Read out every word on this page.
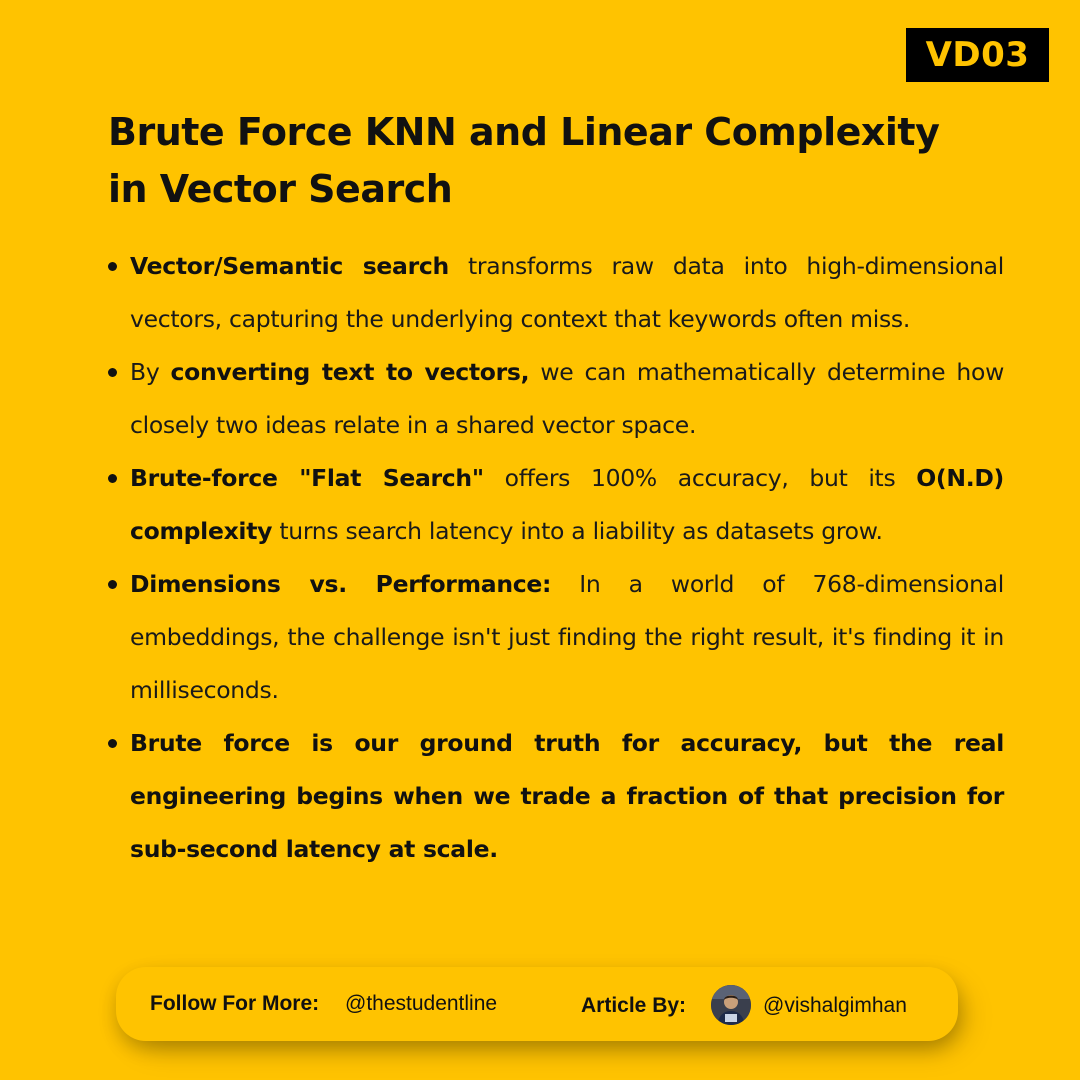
VD03
Brute Force KNN and Linear Complexity
in Vector Search
Vector/Semantic search transforms raw data into high-dimensional vectors, capturing the underlying context that keywords often miss.
By converting text to vectors, we can mathematically determine how closely two ideas relate in a shared vector space.
Brute-force "Flat Search" offers 100% accuracy, but its O(N.D) complexity turns search latency into a liability as datasets grow.
Dimensions vs. Performance: In a world of 768-dimensional embeddings, the challenge isn't just finding the right result, it's finding it in milliseconds.
Brute force is our ground truth for accuracy, but the real engineering begins when we trade a fraction of that precision for sub-second latency at scale.
Follow For More: @thestudentline	Article By:	@vishalgimhan
